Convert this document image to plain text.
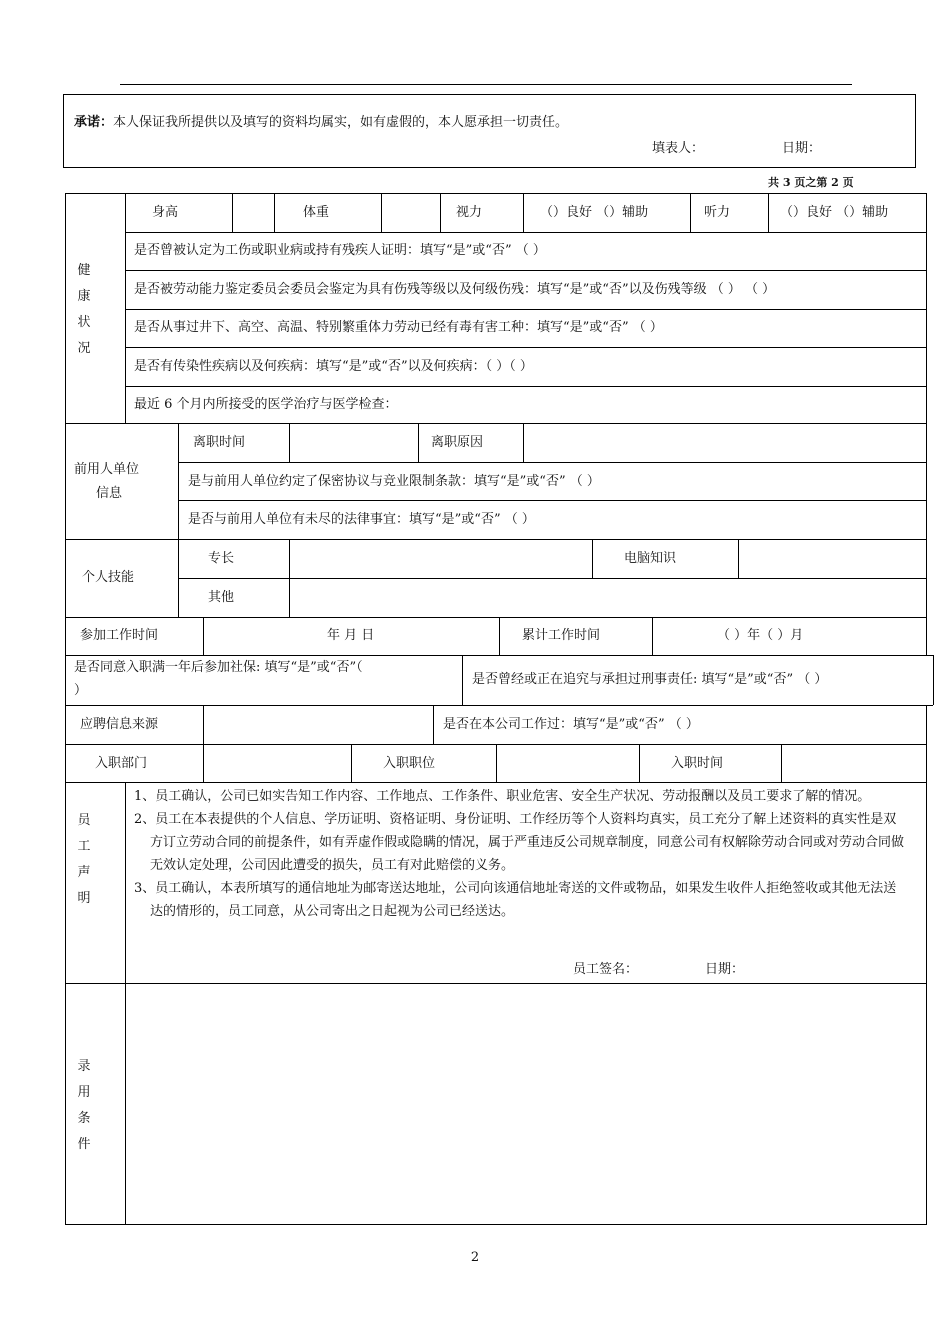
承诺：本人保证我所提供以及填写的资料均属实，如有虚假的，本人愿承担一切责任。
填表人：	日期：
共 3 页之第 2 页
健
康
状
况
身高	体重	视力	（）良好 （）辅助	听力	（）良好 （）辅助
是否曾被认定为工伤或职业病或持有残疾人证明：填写“是”或“否” （ ）
是否被劳动能力鉴定委员会委员会鉴定为具有伤残等级以及何级伤残：填写“是”或“否”以及伤残等级 （ ） （ ）
是否从事过井下、高空、高温、特别繁重体力劳动已经有毒有害工种：填写“是”或“否” （ ）
是否有传染性疾病以及何疾病：填写“是”或“否”以及何疾病：（ ）（ ）
最近 6 个月内所接受的医学治疗与医学检查：
前用人单位
信息
离职时间	离职原因
是与前用人单位约定了保密协议与竞业限制条款：填写“是”或“否” （ ）
是否与前用人单位有未尽的法律事宜：填写“是”或“否” （ ）
个人技能
专长	电脑知识
其他
参加工作时间	年 月 日	累计工作时间	（ ）年（ ）月
是否同意入职满一年后参加社保: 填写“是”或“否”（
）
是否曾经或正在追究与承担过刑事责任: 填写“是”或“否” （ ）
应聘信息来源	是否在本公司工作过：填写“是”或“否” （ ）
入职部门	入职职位	入职时间
员
工
声
明

1、员工确认，公司已如实告知工作内容、工作地点、工作条件、职业危害、安全生产状况、劳动报酬以及员工要求了解的情况。

2、员工在本表提供的个人信息、学历证明、资格证明、身份证明、工作经历等个人资料均真实，员工充分了解上述资料的真实性是双方订立劳动合同的前提条件，如有弄虚作假或隐瞒的情况，属于严重违反公司规章制度，同意公司有权解除劳动合同或对劳动合同做无效认定处理，公司因此遭受的损失，员工有对此赔偿的义务。

3、员工确认，本表所填写的通信地址为邮寄送达地址，公司向该通信地址寄送的文件或物品，如果发生收件人拒绝签收或其他无法送达的情形的，员工同意，从公司寄出之日起视为公司已经送达。

员工签名：	日期：
录
用
条
件
2
